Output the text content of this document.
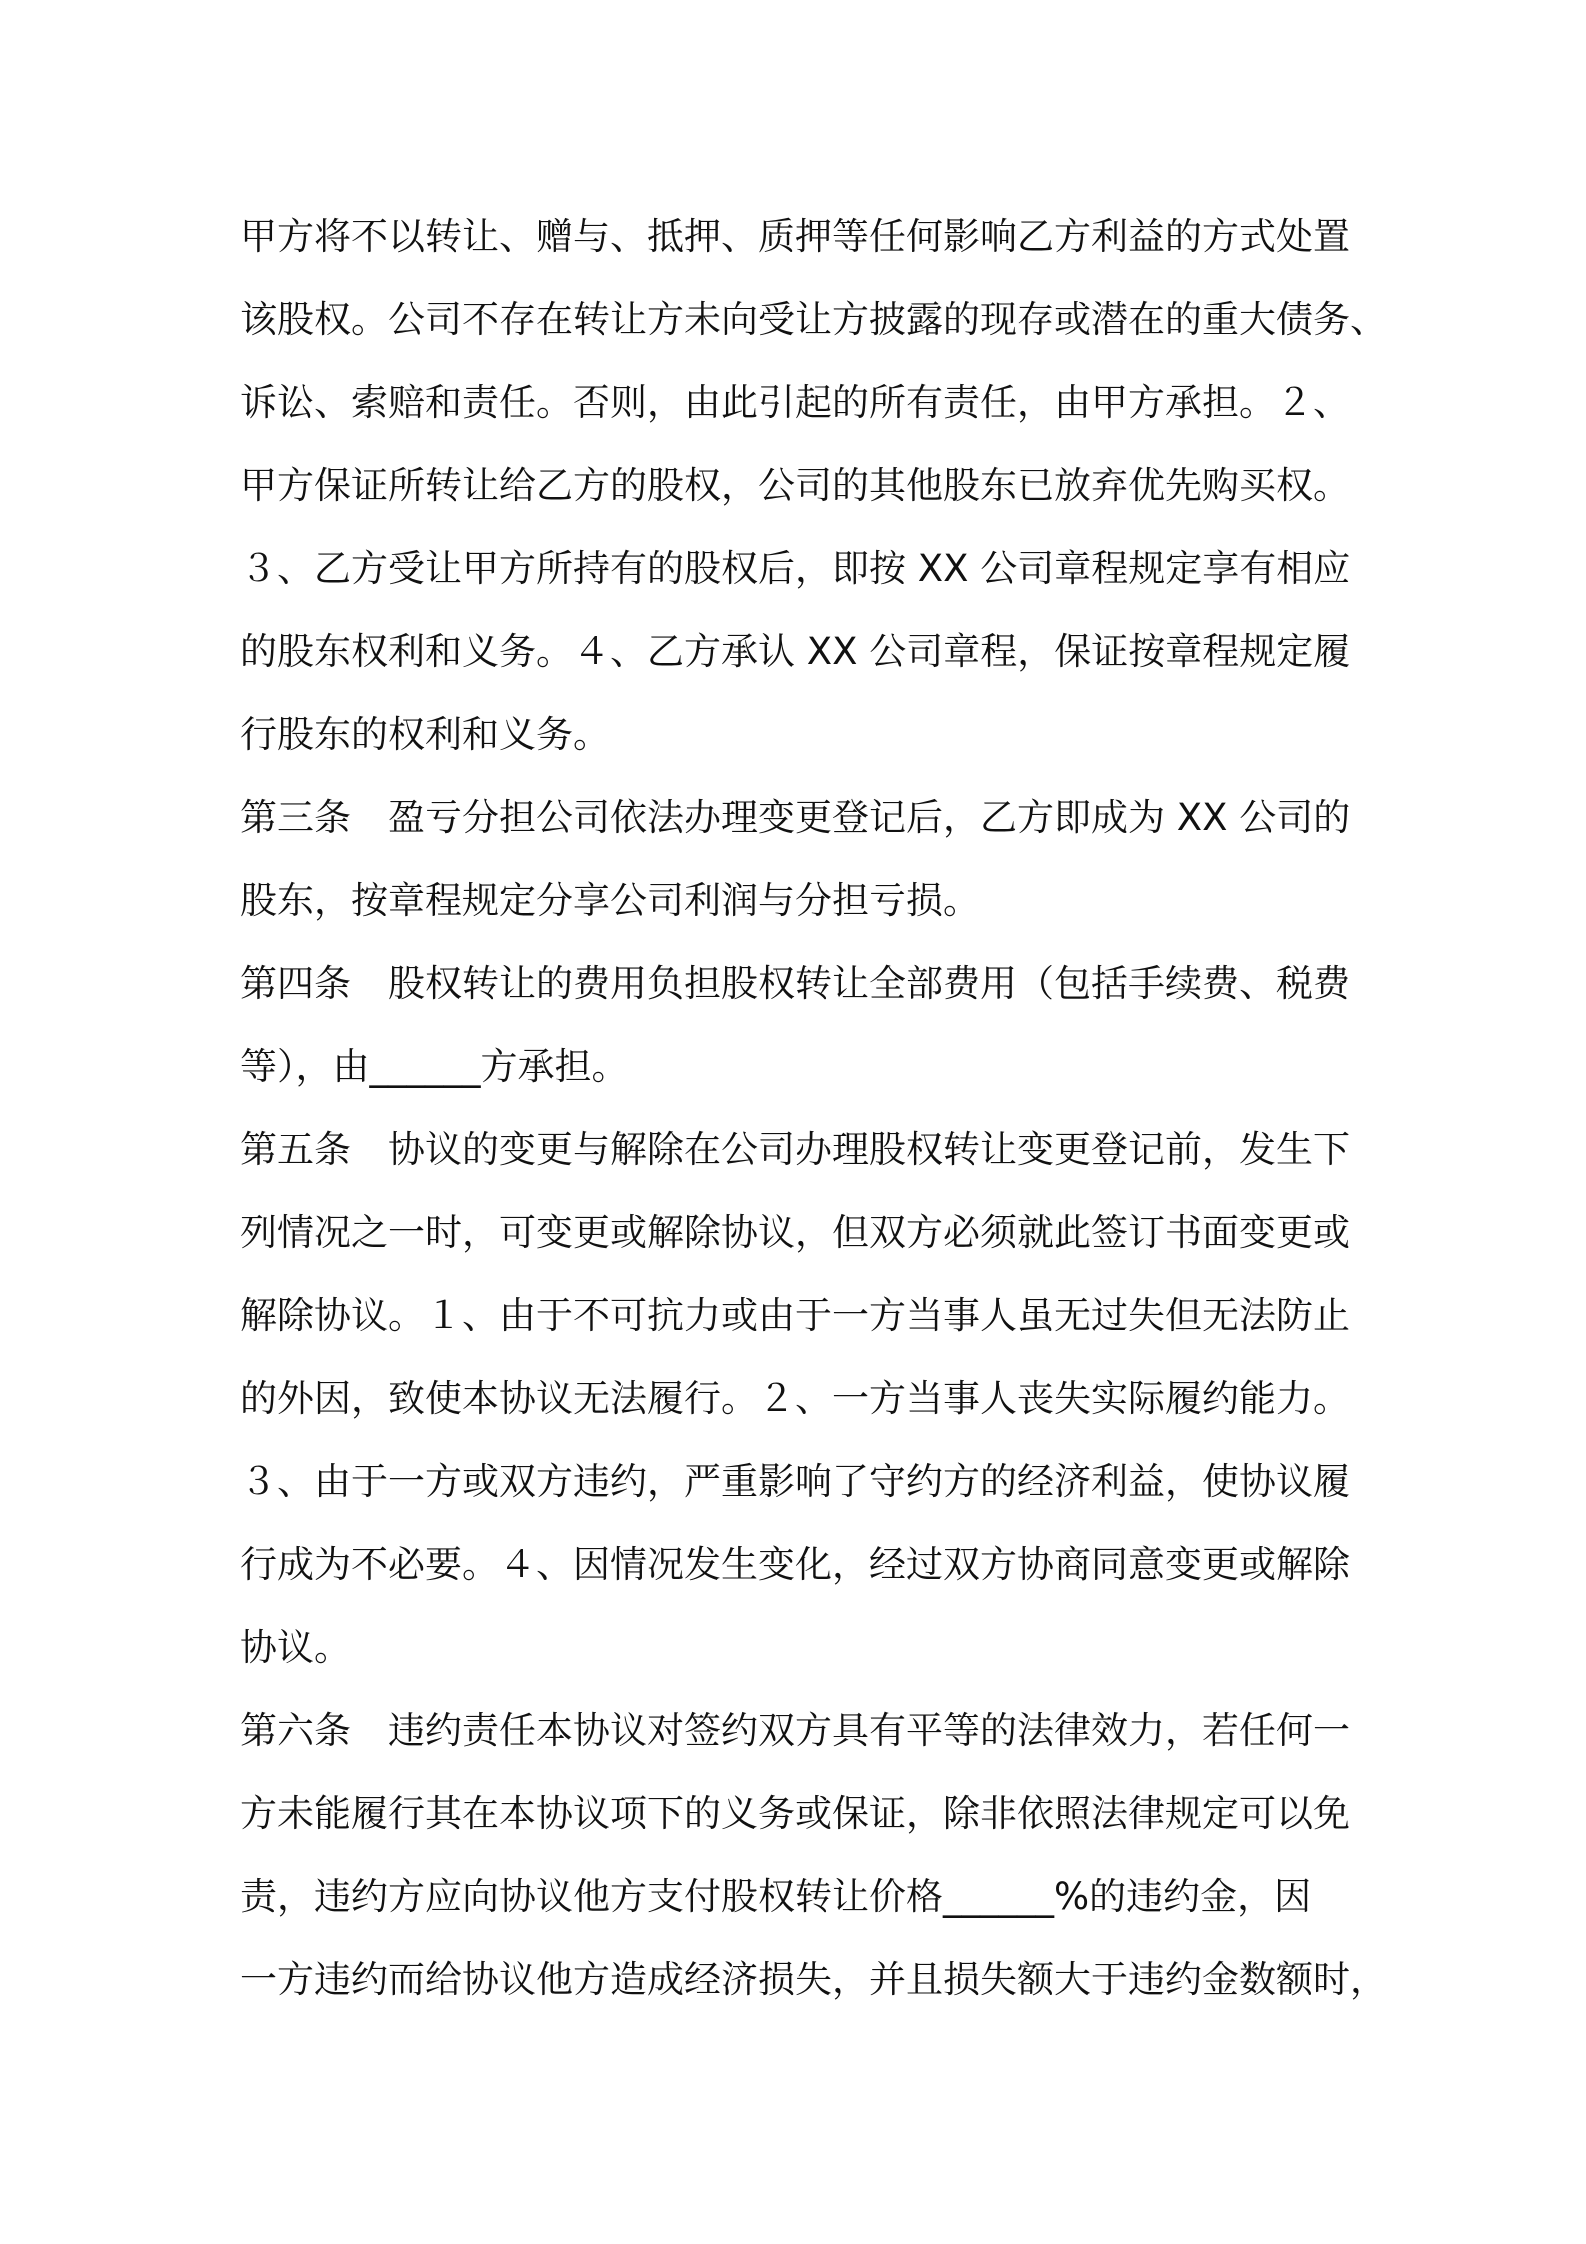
甲方将不以转让、赠与、抵押、质押等任何影响乙方利益的方式处置
该股权。公司不存在转让方未向受让方披露的现存或潜在的重大债务、
诉讼、索赔和责任。否则，由此引起的所有责任，由甲方承担。２、
甲方保证所转让给乙方的股权，公司的其他股东已放弃优先购买权。
３、乙方受让甲方所持有的股权后，即按 XX 公司章程规定享有相应
的股东权利和义务。４、乙方承认 XX 公司章程，保证按章程规定履
行股东的权利和义务。
第三条　盈亏分担公司依法办理变更登记后，乙方即成为 XX 公司的
股东，按章程规定分享公司利润与分担亏损。
第四条　股权转让的费用负担股权转让全部费用（包括手续费、税费
等），由______方承担。
第五条　协议的变更与解除在公司办理股权转让变更登记前，发生下
列情况之一时，可变更或解除协议，但双方必须就此签订书面变更或
解除协议。１、由于不可抗力或由于一方当事人虽无过失但无法防止
的外因，致使本协议无法履行。２、一方当事人丧失实际履约能力。
３、由于一方或双方违约，严重影响了守约方的经济利益，使协议履
行成为不必要。４、因情况发生变化，经过双方协商同意变更或解除
协议。
第六条　违约责任本协议对签约双方具有平等的法律效力，若任何一
方未能履行其在本协议项下的义务或保证，除非依照法律规定可以免
责，违约方应向协议他方支付股权转让价格______%的违约金，因
一方违约而给协议他方造成经济损失，并且损失额大于违约金数额时，
